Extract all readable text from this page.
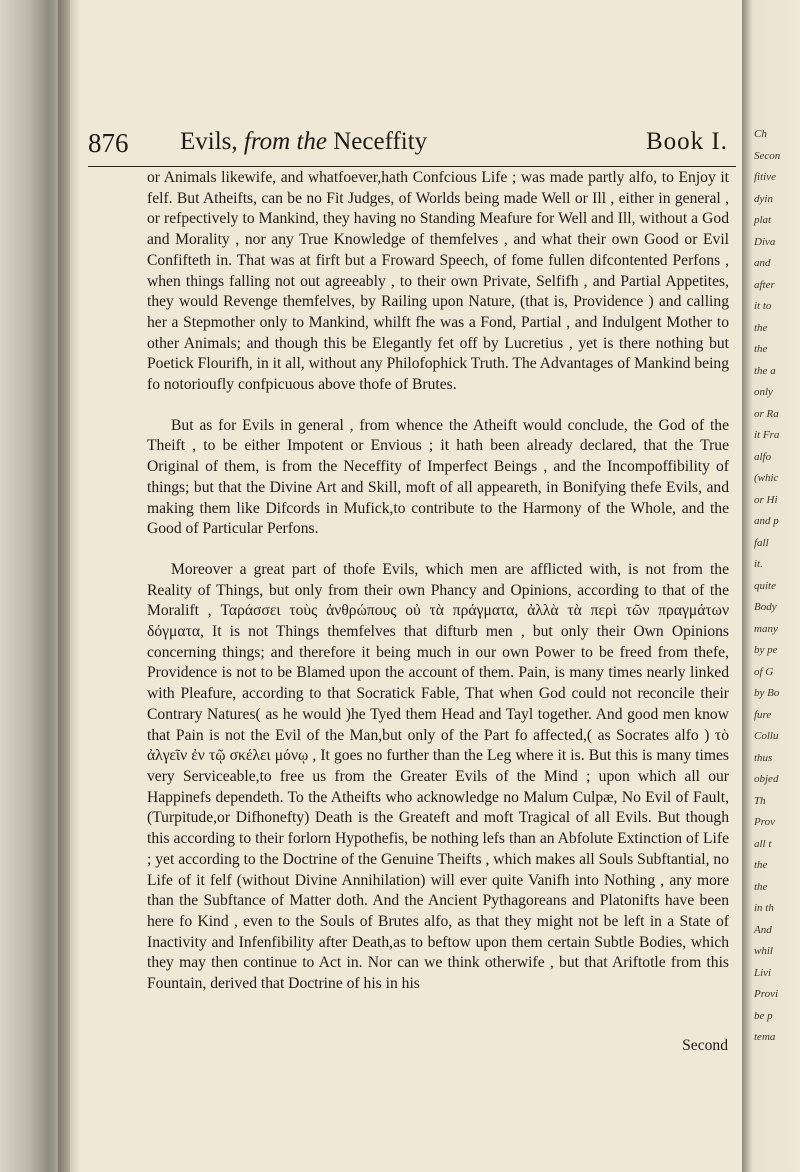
Ch
Secon
fitive
dyin
plat
Diva
and
after
it to
the
the
the a
only
or Ra
it Fra
alfo
(whic
or Hi
and p
fall
it.
quite
Body
many
by pe
of G
by Bo
fure
Collu
thus
objed
Th
Prov
all t
the
the
in th
And
whil
Livi
Provi
be p
tema
876 Evils, from the Neceffity	Book I.

or Animals likewife, and whatfoever,hath Confcious Life ; was made partly alfo, to Enjoy it felf. But Atheifts, can be no Fit Judges, of Worlds being made Well or Ill , either in general , or refpectively to Mankind, they having no Standing Meafure for Well and Ill, without a God and Morality , nor any True Knowledge of themfelves , and what their own Good or Evil Confifteth in. That was at firft but a Froward Speech, of fome fullen difcontented Perfons , when things falling not out agreeably , to their own Private, Selfifh , and Partial Appetites, they would Revenge themfelves, by Railing upon Nature, (that is, Providence ) and calling her a Stepmother only to Mankind, whilft fhe was a Fond, Partial , and Indulgent Mother to other Animals; and though this be Elegantly fet off by Lucretius , yet is there nothing but Poetick Flourifh, in it all, without any Philofophick Truth. The Advantages of Mankind being fo notorioufly confpicuous above thofe of Brutes.

But as for Evils in general , from whence the Atheift would conclude, the God of the Theift , to be either Impotent or Envious ; it hath been already declared, that the True Original of them, is from the Neceffity of Imperfect Beings , and the Incompoffibility of things; but that the Divine Art and Skill, moft of all appeareth, in Bonifying thefe Evils, and making them like Difcords in Mufick,to contribute to the Harmony of the Whole, and the Good of Particular Perfons.

Moreover a great part of thofe Evils, which men are afflicted with, is not from the Reality of Things, but only from their own Phancy and Opinions, according to that of the Moralift , Ταράσσει τοὺς ἀνθρώπους οὐ τὰ πράγματα, ἀλλὰ τὰ περὶ τῶν πραγμάτων δόγματα, It is not Things themfelves that difturb men , but only their Own Opinions concerning things; and therefore it being much in our own Power to be freed from thefe, Providence is not to be Blamed upon the account of them. Pain, is many times nearly linked with Pleafure, according to that Socratick Fable, That when God could not reconcile their Contrary Natures( as he would )he Tyed them Head and Tayl together. And good men know that Pain is not the Evil of the Man,but only of the Part fo affected,( as Socrates alfo ) τὸ ἀλγεῖν ἐν τῷ σκέλει μόνῳ , It goes no further than the Leg where it is. But this is many times very Serviceable,to free us from the Greater Evils of the Mind ; upon which all our Happinefs dependeth. To the Atheifts who acknowledge no Malum Culpæ, No Evil of Fault, (Turpitude,or Difhonefty) Death is the Greateft and moft Tragical of all Evils. But though this according to their forlorn Hypothefis, be nothing lefs than an Abfolute Extinction of Life ; yet according to the Doctrine of the Genuine Theifts , which makes all Souls Subftantial, no Life of it felf (without Divine Annihilation) will ever quite Vanifh into Nothing , any more than the Subftance of Matter doth. And the Ancient Pythagoreans and Platonifts have been here fo Kind , even to the Souls of Brutes alfo, as that they might not be left in a State of Inactivity and Infenfibility after Death,as to beftow upon them certain Subtle Bodies, which they may then continue to Act in. Nor can we think otherwife , but that Ariftotle from this Fountain, derived that Doctrine of his in his

Second
